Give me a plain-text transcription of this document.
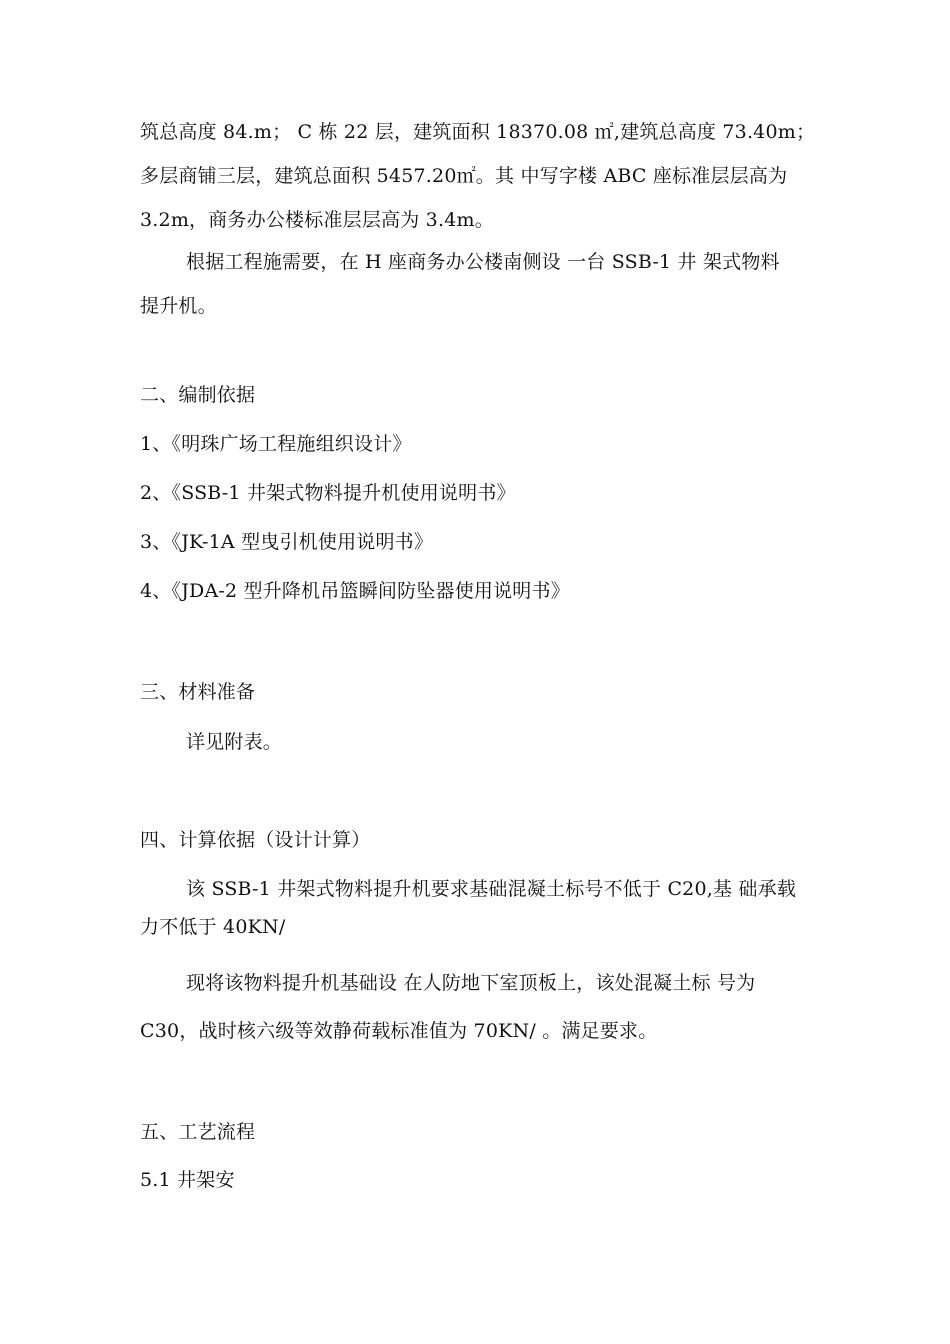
筑总高度 84.m； C 栋 22 层，建筑面积 18370.08 ㎡,建筑总高度 73.40m；
多层商铺三层，建筑总面积 5457.20㎡。其 中写字楼 ABC 座标准层层高为
3.2m，商务办公楼标准层层高为 3.4m。
根据工程施需要，在 H 座商务办公楼南侧设 一台 SSB-1 井 架式物料
提升机。
二、编制依据
1、《明珠广场工程施组织设计》
2、《SSB-1 井架式物料提升机使用说明书》
3、《JK-1A 型曳引机使用说明书》
4、《JDA-2 型升降机吊篮瞬间防坠器使用说明书》
三、材料准备
详见附表。
四、计算依据（设计计算）
该 SSB-1 井架式物料提升机要求基础混凝土标号不低于 C20,基 础承载
力不低于 40KN/
现将该物料提升机基础设 在人防地下室顶板上，该处混凝土标 号为
C30，战时核六级等效静荷载标准值为 70KN/ 。满足要求。
五、工艺流程
5.1 井架安
